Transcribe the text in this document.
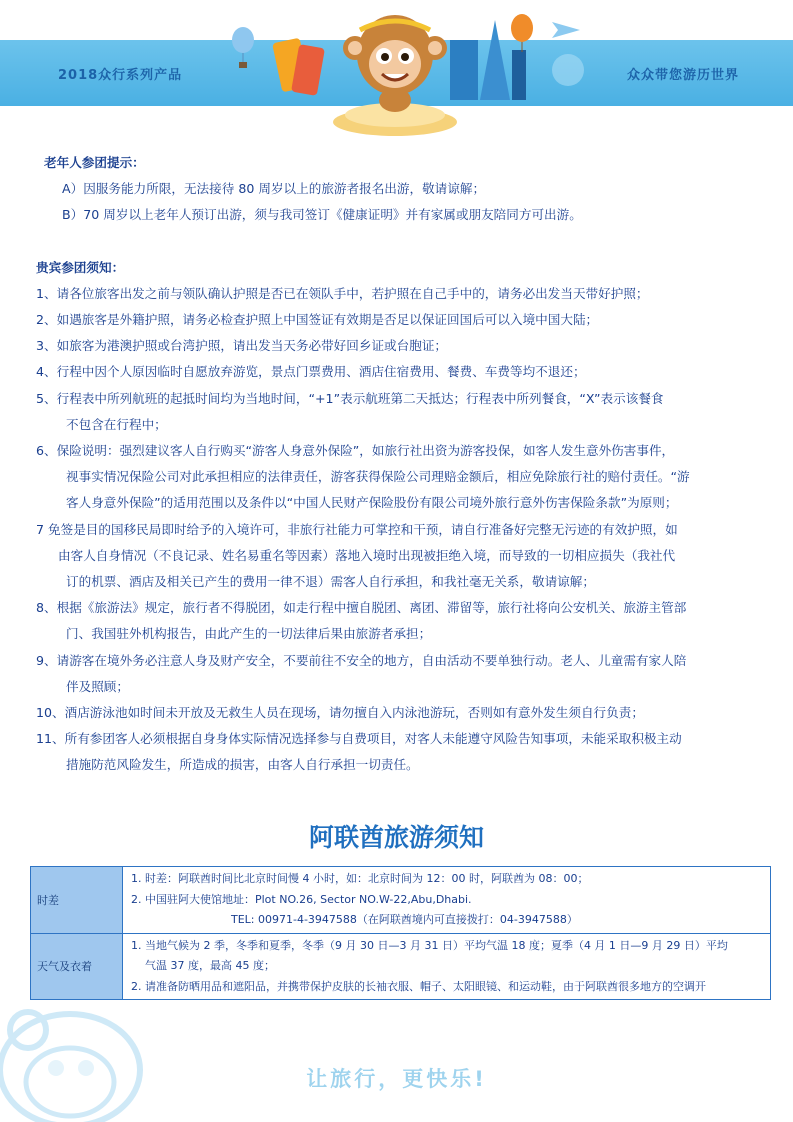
2018众行系列产品	众众带您游历世界
老年人参团提示：
A）因服务能力所限，无法接待 80 周岁以上的旅游者报名出游，敬请谅解；
B）70 周岁以上老年人预订出游，须与我司签订《健康证明》并有家属或朋友陪同方可出游。
贵宾参团须知：
1、请各位旅客出发之前与领队确认护照是否已在领队手中，若护照在自己手中的，请务必出发当天带好护照；
2、如遇旅客是外籍护照，请务必检查护照上中国签证有效期是否足以保证回国后可以入境中国大陆；
3、如旅客为港澳护照或台湾护照，请出发当天务必带好回乡证或台胞证；
4、行程中因个人原因临时自愿放弃游览，景点门票费用、酒店住宿费用、餐费、车费等均不退还；
5、行程表中所列航班的起抵时间均为当地时间，“+1”表示航班第二天抵达；行程表中所列餐食，“X”表示该餐食
不包含在行程中；
6、保险说明：强烈建议客人自行购买“游客人身意外保险”，如旅行社出资为游客投保，如客人发生意外伤害事件，
视事实情况保险公司对此承担相应的法律责任，游客获得保险公司理赔金额后，相应免除旅行社的赔付责任。“游
客人身意外保险”的适用范围以及条件以“中国人民财产保险股份有限公司境外旅行意外伤害保险条款”为原则；
7 免签是目的国移民局即时给予的入境许可，非旅行社能力可掌控和干预，请自行准备好完整无污迹的有效护照，如
由客人自身情况（不良记录、姓名易重名等因素）落地入境时出现被拒绝入境，而导致的一切相应损失（我社代
订的机票、酒店及相关已产生的费用一律不退）需客人自行承担，和我社毫无关系，敬请谅解；
8、根据《旅游法》规定，旅行者不得脱团，如走行程中擅自脱团、离团、滞留等，旅行社将向公安机关、旅游主管部
门、我国驻外机构报告，由此产生的一切法律后果由旅游者承担；
9、请游客在境外务必注意人身及财产安全，不要前往不安全的地方，自由活动不要单独行动。老人、儿童需有家人陪
伴及照顾；
10、酒店游泳池如时间未开放及无救生人员在现场，请勿擅自入内泳池游玩，否则如有意外发生须自行负责；
11、所有参团客人必须根据自身身体实际情况选择参与自费项目，对客人未能遵守风险告知事项，未能采取积极主动
措施防范风险发生，所造成的损害，由客人自行承担一切责任。
阿联酋旅游须知
时差	1. 时差：阿联酋时间比北京时间慢 4 小时，如：北京时间为 12：00 时，阿联酋为 08：00；
2. 中国驻阿大使馆地址：Plot NO.26, Sector NO.W-22,Abu,Dhabi.
TEL: 00971-4-3947588（在阿联酋境内可直接拨打：04-3947588）

天气及衣着	1. 当地气候为 2 季，冬季和夏季，冬季（9 月 30 日—3 月 31 日）平均气温 18 度；夏季（4 月 1 日—9 月 29 日）平均
气温 37 度，最高 45 度；
2. 请准备防晒用品和遮阳品，并携带保护皮肤的长袖衣服、帽子、太阳眼镜、和运动鞋，由于阿联酋很多地方的空调开
让旅行，更快乐!
